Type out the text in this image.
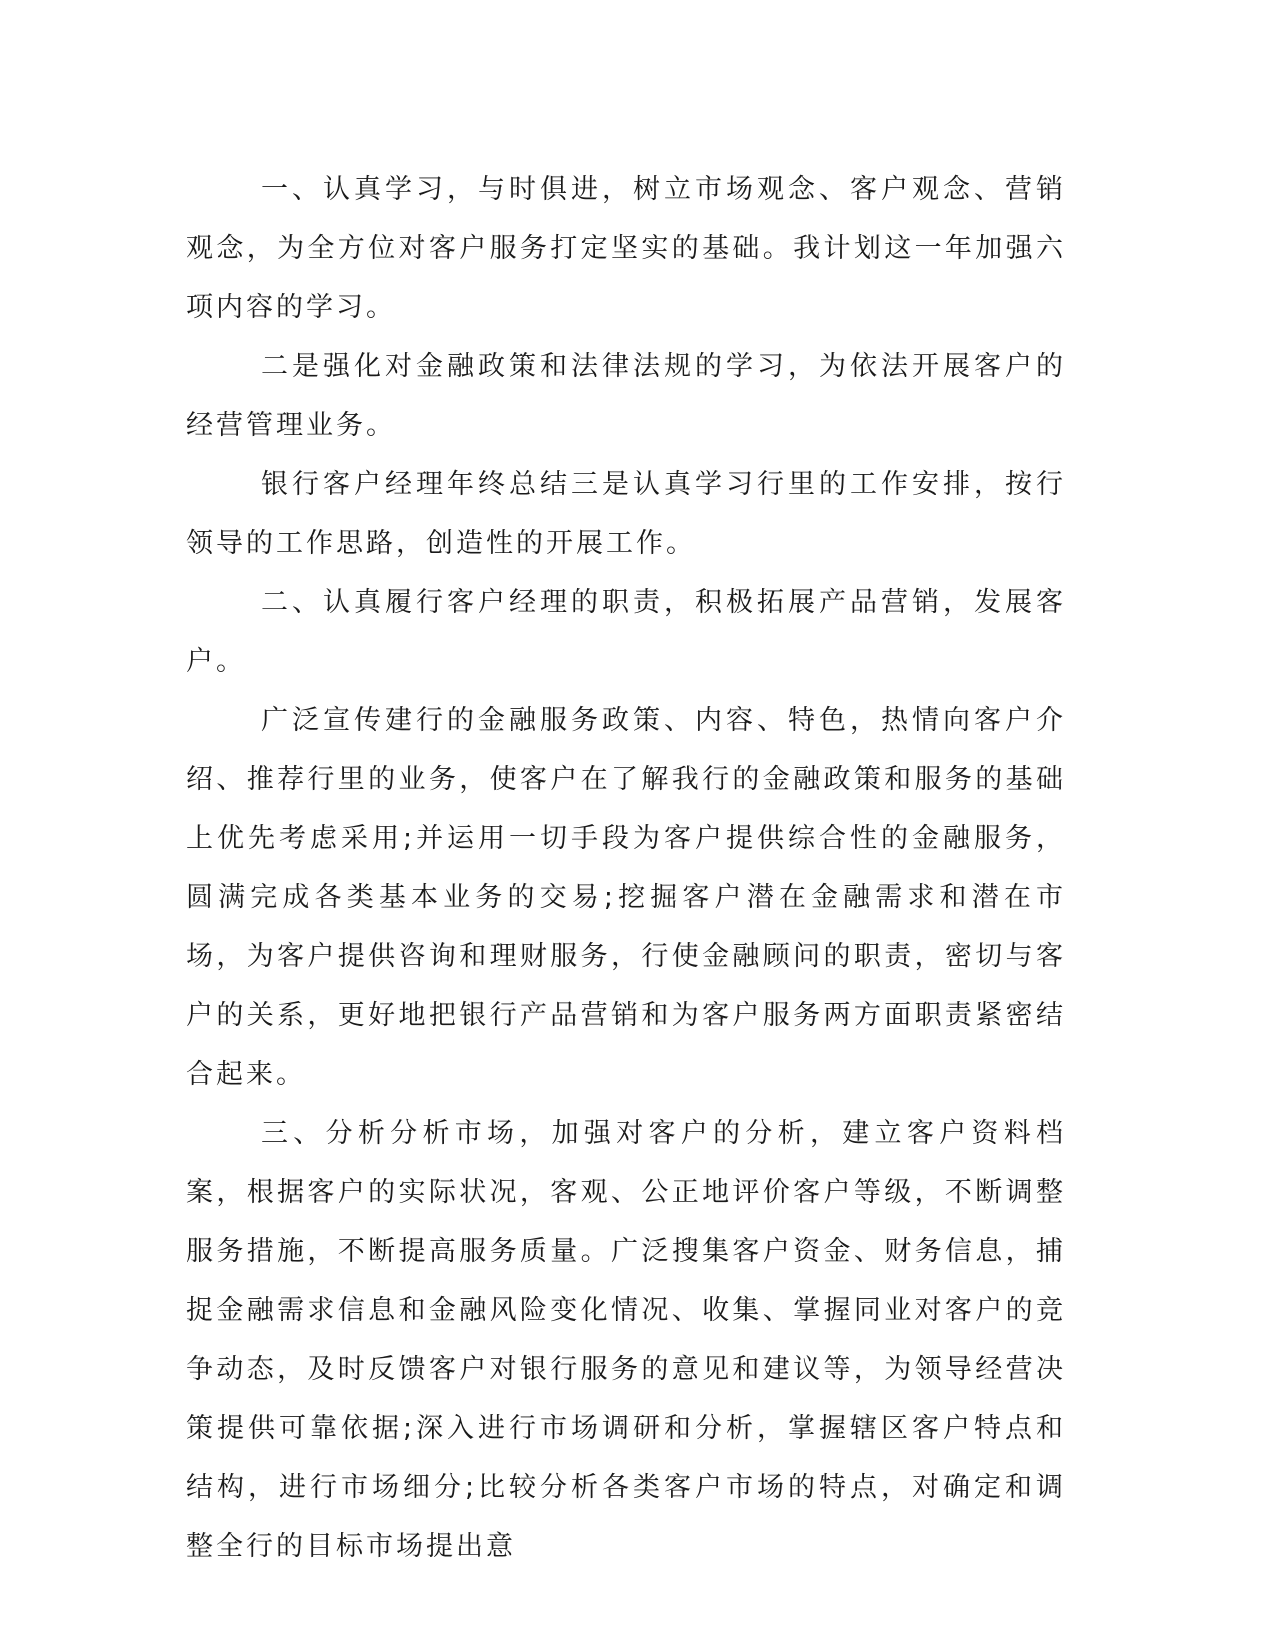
一、认真学习，与时俱进，树立市场观念、客户观念、营销观念，为全方位对客户服务打定坚实的基础。我计划这一年加强六项内容的学习。

二是强化对金融政策和法律法规的学习，为依法开展客户的经营管理业务。

银行客户经理年终总结三是认真学习行里的工作安排，按行领导的工作思路，创造性的开展工作。

二、认真履行客户经理的职责，积极拓展产品营销，发展客户。

广泛宣传建行的金融服务政策、内容、特色，热情向客户介绍、推荐行里的业务，使客户在了解我行的金融政策和服务的基础上优先考虑采用;并运用一切手段为客户提供综合性的金融服务，圆满完成各类基本业务的交易;挖掘客户潜在金融需求和潜在市场，为客户提供咨询和理财服务，行使金融顾问的职责，密切与客户的关系，更好地把银行产品营销和为客户服务两方面职责紧密结合起来。

三、分析分析市场，加强对客户的分析，建立客户资料档案，根据客户的实际状况，客观、公正地评价客户等级，不断调整服务措施，不断提高服务质量。广泛搜集客户资金、财务信息，捕捉金融需求信息和金融风险变化情况、收集、掌握同业对客户的竞争动态，及时反馈客户对银行服务的意见和建议等，为领导经营决策提供可靠依据;深入进行市场调研和分析，掌握辖区客户特点和结构，进行市场细分;比较分析各类客户市场的特点，对确定和调整全行的目标市场提出意
